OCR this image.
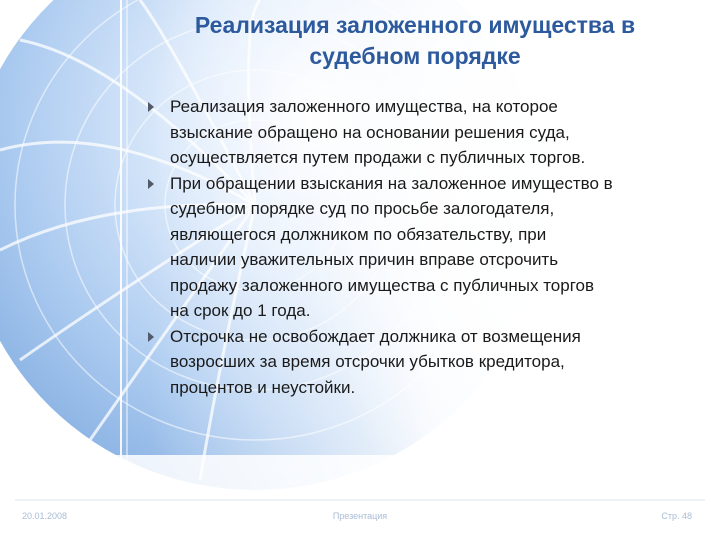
Реализация заложенного имущества в
судебном порядке
Реализация заложенного имущества, на которое
взыскание обращено на основании решения суда,
осуществляется путем продажи с публичных торгов.
При обращении взыскания на заложенное имущество в
судебном порядке суд по просьбе залогодателя,
являющегося должником по обязательству, при
наличии уважительных причин вправе отсрочить
продажу заложенного имущества с публичных торгов
на срок до 1 года.
Отсрочка не освобождает должника от возмещения
возросших за время отсрочки убытков кредитора,
процентов и неустойки.
20.01.2008	Презентация	Стр. 48
